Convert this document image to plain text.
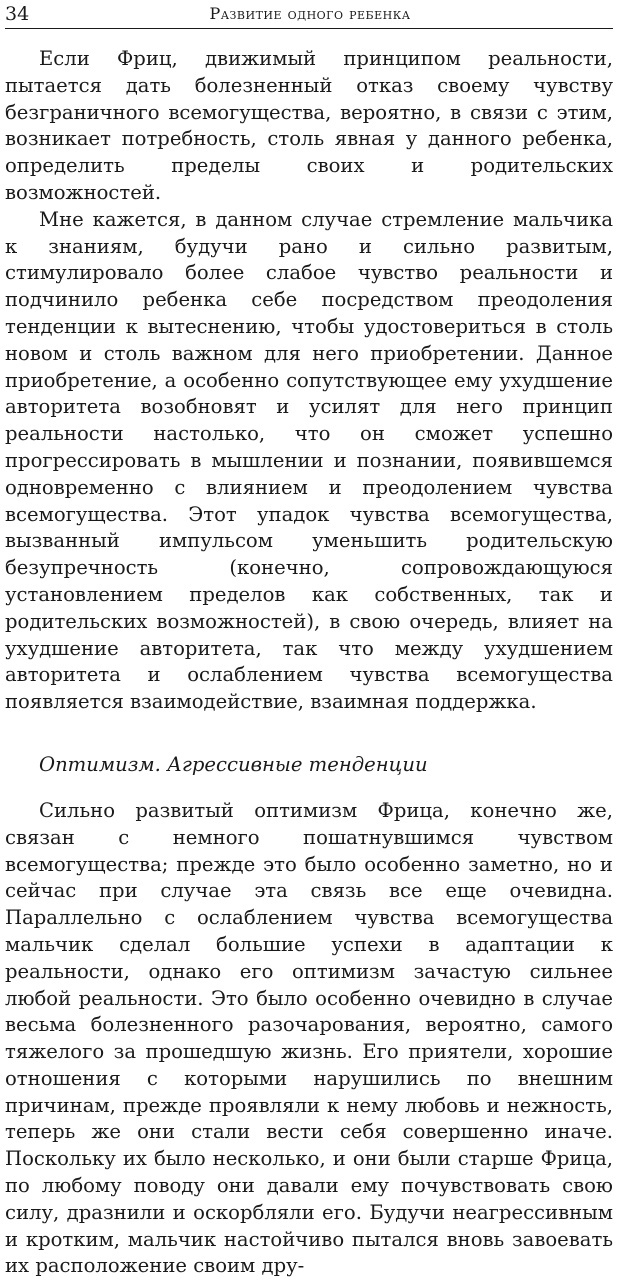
34	Развитие одного ребенка

Если Фриц, движимый принципом реальности, пытается дать болезненный отказ своему чувству безграничного всемогущества, вероятно, в связи с этим, возникает потребность, столь явная у данного ребенка, определить пределы своих и родительских возможностей.

Мне кажется, в данном случае стремление мальчика к знаниям, будучи рано и сильно развитым, стимулировало более слабое чувство реальности и подчинило ребенка себе посредством преодоления тенденции к вытеснению, чтобы удостовериться в столь новом и столь важном для него приобретении. Данное приобретение, а особенно сопутствующее ему ухудшение авторитета возобновят и усилят для него принцип реальности настолько, что он сможет успешно прогрессировать в мышлении и познании, появившемся одновременно с влиянием и преодолением чувства всемогущества. Этот упадок чувства всемогущества, вызванный импульсом уменьшить родительскую безупречность (конечно, сопровождающуюся установлением пределов как собственных, так и родительских возможностей), в свою очередь, влияет на ухудшение авторитета, так что между ухудшением авторитета и ослаблением чувства всемогущества появляется взаимодействие, взаимная поддержка.

Оптимизм. Агрессивные тенденции

Сильно развитый оптимизм Фрица, конечно же, связан с немного пошатнувшимся чувством всемогущества; прежде это было особенно заметно, но и сейчас при случае эта связь все еще очевидна. Параллельно с ослаблением чувства всемогущества мальчик сделал большие успехи в адаптации к реальности, однако его оптимизм зачастую сильнее любой реальности. Это было особенно очевидно в случае весьма болезненного разочарования, вероятно, самого тяжелого за прошедшую жизнь. Его приятели, хорошие отношения с которыми нарушились по внешним причинам, прежде проявляли к нему любовь и нежность, теперь же они стали вести себя совершенно иначе. Поскольку их было несколько, и они были старше Фрица, по любому поводу они давали ему почувствовать свою силу, дразнили и оскорбляли его. Будучи неагрессивным и кротким, мальчик настойчиво пытался вновь завоевать их расположение своим дру-
